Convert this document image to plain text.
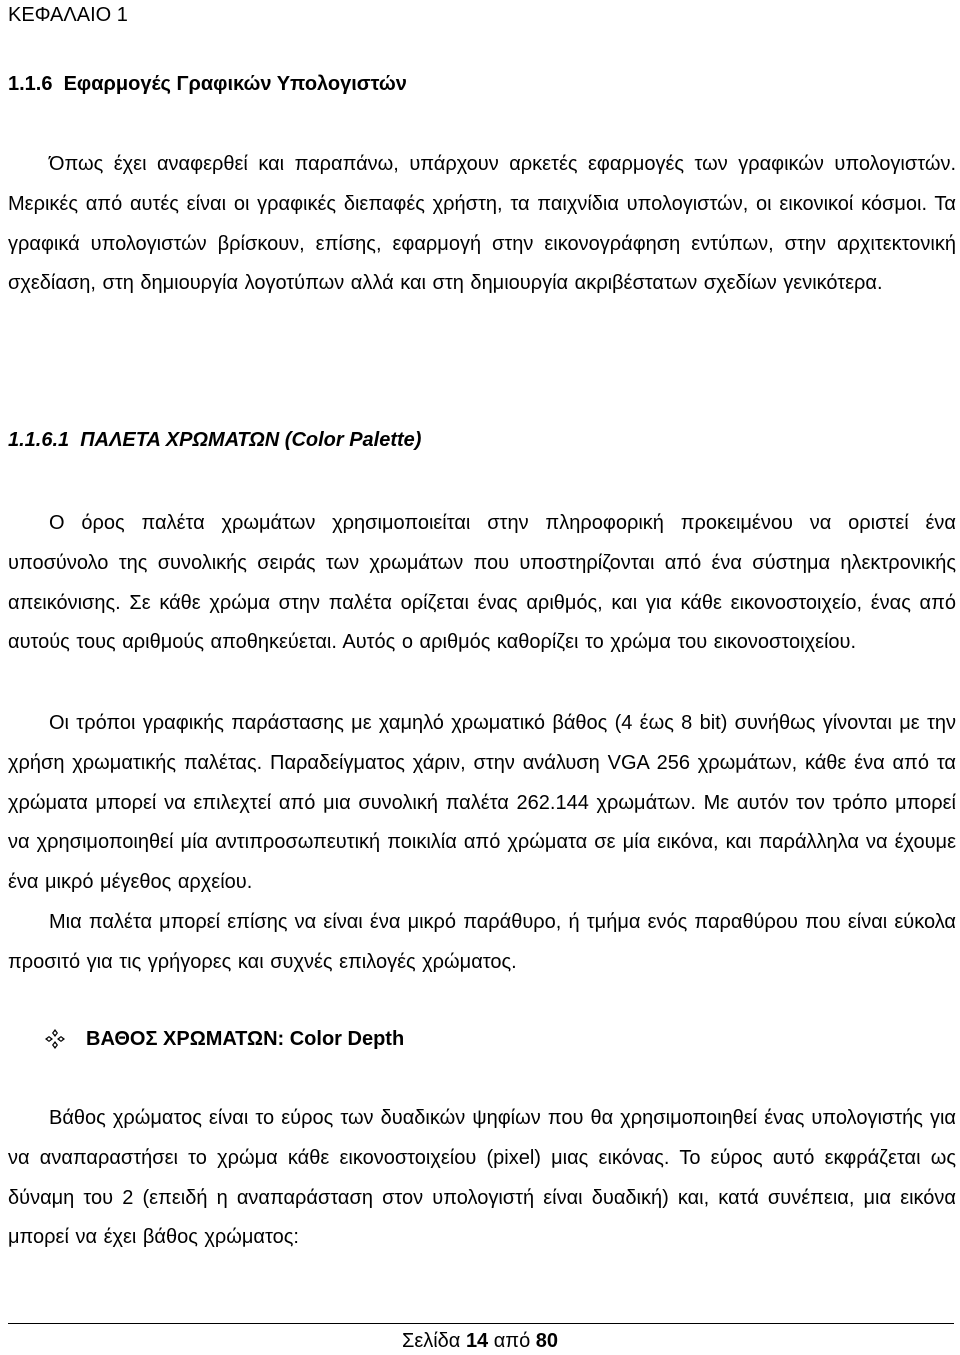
ΚΕΦΑΛΑΙΟ 1
1.1.6  Εφαρμογές Γραφικών Υπολογιστών

Όπως έχει αναφερθεί και παραπάνω, υπάρχουν αρκετές εφαρμογές των γραφικών υπολογιστών. Μερικές από αυτές είναι οι γραφικές διεπαφές χρήστη, τα παιχνίδια υπολογιστών, οι εικονικοί κόσμοι. Τα γραφικά υπολογιστών βρίσκουν, επίσης, εφαρμογή στην εικονογράφηση εντύπων, στην αρχιτεκτονική σχεδίαση, στη δημιουργία λογοτύπων αλλά και στη δημιουργία ακριβέστατων σχεδίων γενικότερα.

1.1.6.1  ΠΑΛΕΤΑ ΧΡΩΜΑΤΩΝ (Color Palette)

Ο όρος παλέτα χρωμάτων χρησιμοποιείται στην πληροφορική προκειμένου να οριστεί ένα υποσύνολο της συνολικής σειράς των χρωμάτων που υποστηρίζονται από ένα σύστημα ηλεκτρονικής απεικόνισης. Σε κάθε χρώμα στην παλέτα ορίζεται ένας αριθμός, και για κάθε εικονοστοιχείο, ένας από αυτούς τους αριθμούς αποθηκεύεται. Αυτός ο αριθμός καθορίζει το χρώμα του εικονοστοιχείου.

Οι τρόποι γραφικής παράστασης με χαμηλό χρωματικό βάθος (4 έως 8 bit) συνήθως γίνονται με την χρήση χρωματικής παλέτας. Παραδείγματος χάριν, στην ανάλυση VGA 256 χρωμάτων, κάθε ένα από τα χρώματα μπορεί να επιλεχτεί από μια συνολική παλέτα 262.144 χρωμάτων. Με αυτόν τον τρόπο μπορεί να χρησιμοποιηθεί μία αντιπροσωπευτική ποικιλία από χρώματα σε μία εικόνα, και παράλληλα να έχουμε ένα μικρό μέγεθος αρχείου.

Μια παλέτα μπορεί επίσης να είναι ένα μικρό παράθυρο, ή τμήμα ενός παραθύρου που είναι εύκολα προσιτό για τις γρήγορες και συχνές επιλογές χρώματος.

ΒΑΘΟΣ ΧΡΩΜΑΤΩΝ: Color Depth

Βάθος χρώματος είναι το εύρος των δυαδικών ψηφίων που θα χρησιμοποιηθεί ένας υπολογιστής για να αναπαραστήσει το χρώμα κάθε εικονοστοιχείου (pixel) μιας εικόνας. Το εύρος αυτό εκφράζεται ως δύναμη του 2 (επειδή η αναπαράσταση στον υπολογιστή είναι δυαδική) και, κατά συνέπεια, μια εικόνα μπορεί να έχει βάθος χρώματος:

Σελίδα 14 από 80
